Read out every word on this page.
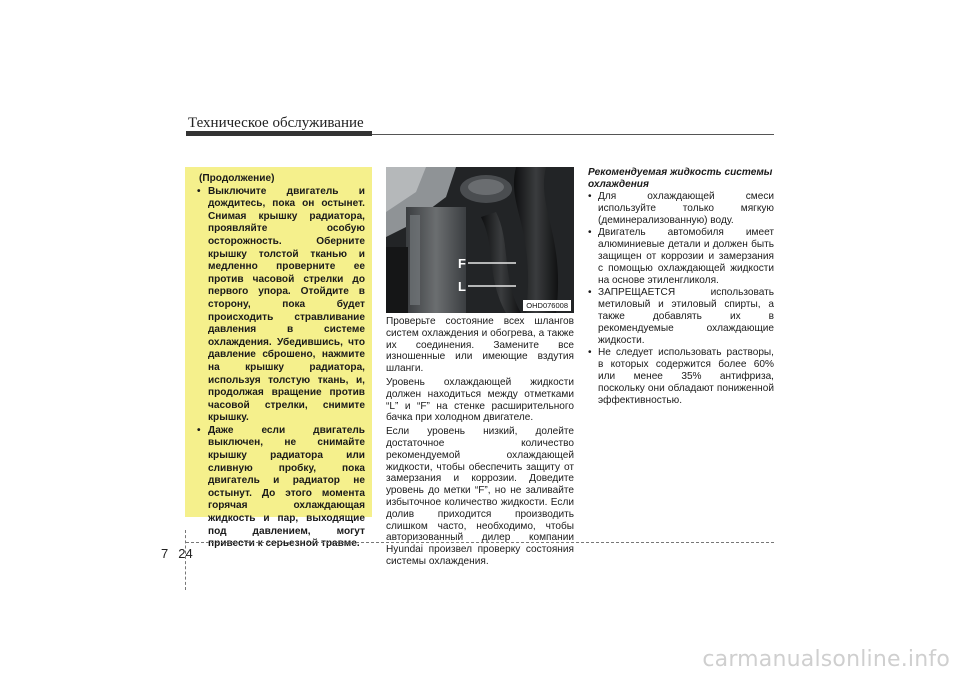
Техническое обслуживание
(Продолжение)
• Выключите двигатель и дождитесь, пока он остынет. Снимая крышку радиатора, проявляйте особую осторожность. Оберните крышку толстой тканью и медленно проверните ее против часовой стрелки до первого упора. Отойдите в сторону, пока будет происходить стравливание давления в системе охлаждения. Убедившись, что давление сброшено, нажмите на крышку радиатора, используя толстую ткань, и, продолжая вращение против часовой стрелки, снимите крышку.
• Даже если двигатель выключен, не снимайте крышку радиатора или сливную пробку, пока двигатель и радиатор не остынут. До этого момента горячая охлаждающая жидкость и пар, выходящие под давлением, могут привести к серьезной травме.
F
L
OHD076008

Проверьте состояние всех шлангов систем охлаждения и обогрева, а также их соединения. Замените все изношенные или имеющие вздутия шланги.

Уровень охлаждающей жидкости должен находиться между отметками “L” и “F” на стенке расширительного бачка при холодном двигателе.

Если уровень низкий, долейте достаточное количество рекомендуемой охлаждающей жидкости, чтобы обеспечить защиту от замерзания и коррозии. Доведите уровень до метки “F”, но не заливайте избыточное количество жидкости. Если долив приходится производить слишком часто, необходимо, чтобы авторизованный дилер компании Hyundai произвел проверку состояния системы охлаждения.

Рекомендуемая жидкость системы охлаждения
• Для охлаждающей смеси используйте только мягкую (деминерализованную) воду.
• Двигатель автомобиля имеет алюминиевые детали и должен быть защищен от коррозии и замерзания с помощью охлаждающей жидкости на основе этиленгликоля.
• ЗАПРЕЩАЕТСЯ использовать метиловый и этиловый спирты, а также добавлять их в рекомендуемые охлаждающие жидкости.
• Не следует использовать растворы, в которых содержится более 60% или менее 35% антифриза, поскольку они обладают пониженной эффективностью.
7 24
carmanualsonline.info
